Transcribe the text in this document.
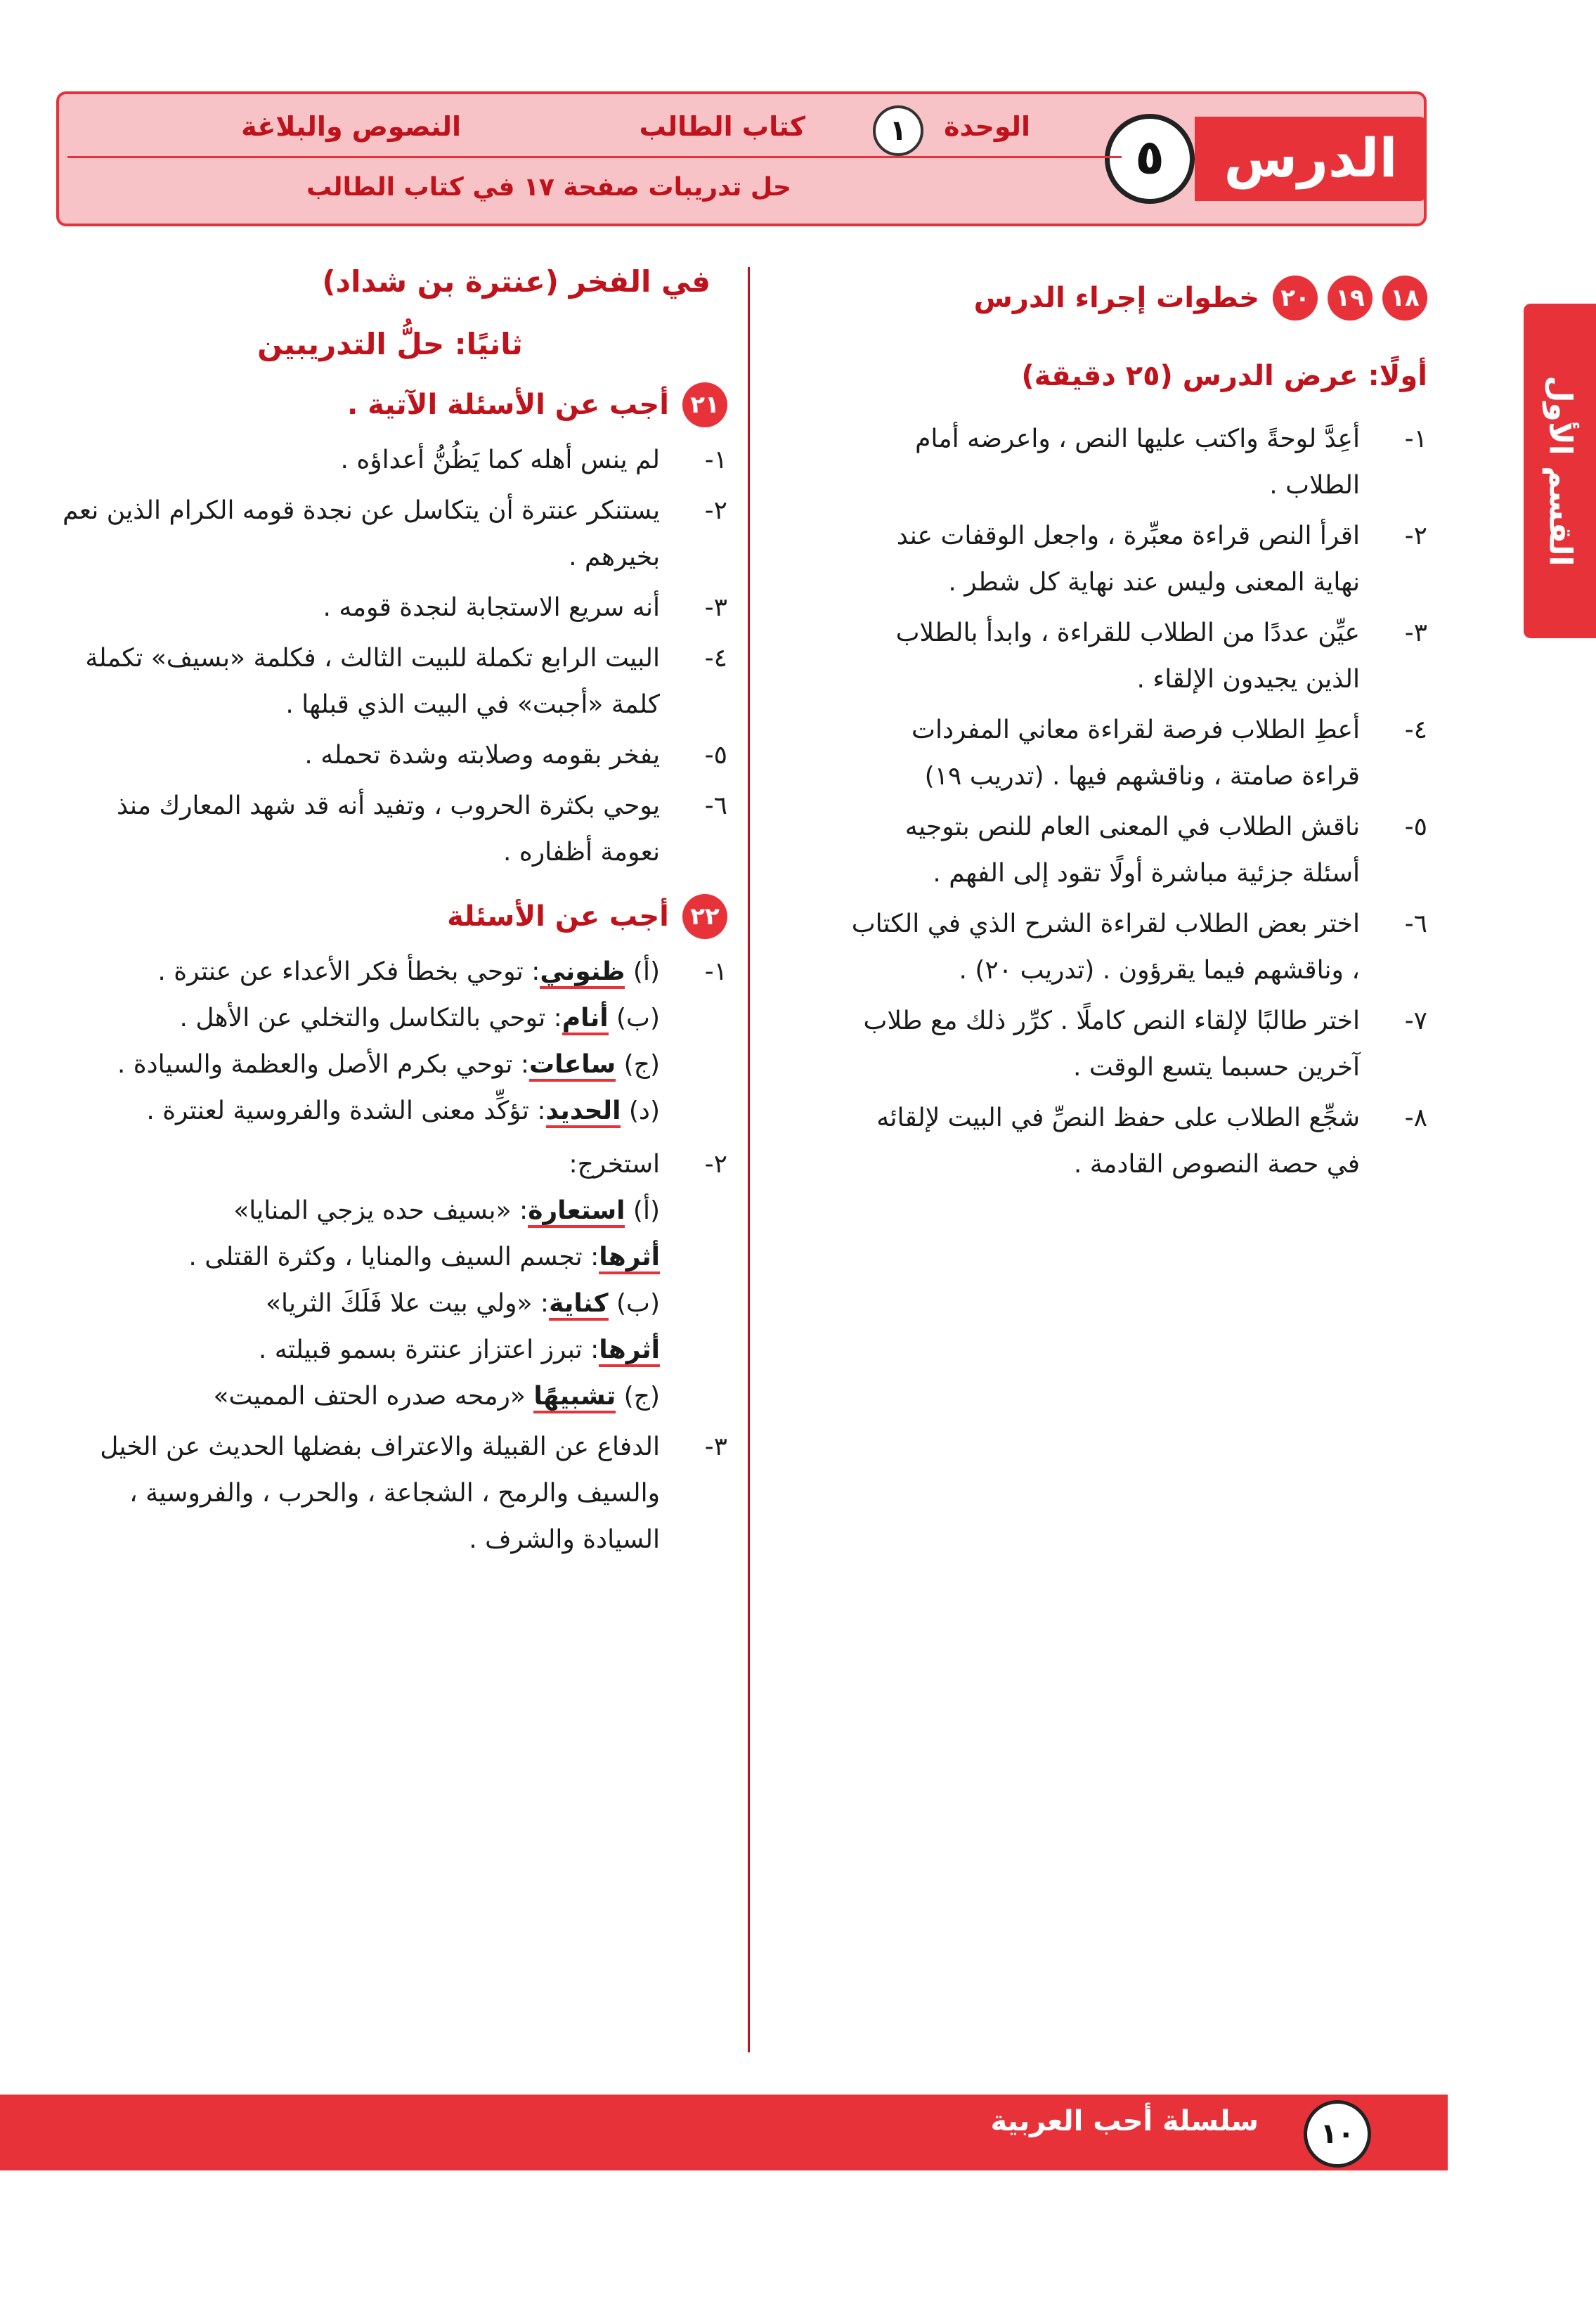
الدرس
٥
الوحدة
١
كتاب الطالب
النصوص والبلاغة
حل تدريبات صفحة ١٧ في كتاب الطالب
القسم الأول
١٨١٩٢٠ خطوات إجراء الدرس
أولًا: عرض الدرس (٢٥ دقيقة)
١-
أعِدَّ لوحةً واكتب عليها النص ، واعرضه أمام الطلاب .
٢-
اقرأ النص قراءة معبِّرة ، واجعل الوقفات عند نهاية المعنى وليس عند نهاية كل شطر .
٣-
عيِّن عددًا من الطلاب للقراءة ، وابدأ بالطلاب الذين يجيدون الإلقاء .
٤-
أعطِ الطلاب فرصة لقراءة معاني المفردات قراءة صامتة ، وناقشهم فيها . (تدريب ١٩)
٥-
ناقش الطلاب في المعنى العام للنص بتوجيه أسئلة جزئية مباشرة أولًا تقود إلى الفهم .
٦-
اختر بعض الطلاب لقراءة الشرح الذي في الكتاب ، وناقشهم فيما يقرؤون . (تدريب ٢٠) .
٧-
اختر طالبًا لإلقاء النص كاملًا . كرِّر ذلك مع طلاب آخرين حسبما يتسع الوقت .
٨-
شجِّع الطلاب على حفظ النصِّ في البيت لإلقائه في حصة النصوص القادمة .
في الفخر (عنترة بن شداد)
ثانيًا: حلُّ التدريبين
٢١ أجب عن الأسئلة الآتية .
١-
لم ينس أهله كما يَظُنُّ أعداؤه .
٢-
يستنكر عنترة أن يتكاسل عن نجدة قومه الكرام الذين نعم بخيرهم .
٣-
أنه سريع الاستجابة لنجدة قومه .
٤-
البيت الرابع تكملة للبيت الثالث ، فكلمة «بسيف» تكملة كلمة «أجبت» في البيت الذي قبلها .
٥-
يفخر بقومه وصلابته وشدة تحمله .
٦-
يوحي بكثرة الحروب ، وتفيد أنه قد شهد المعارك منذ نعومة أظفاره .
٢٢ أجب عن الأسئلة
١-
(أ) ظنوني: توحي بخطأ فكر الأعداء عن عنترة .
(ب) أنام: توحي بالتكاسل والتخلي عن الأهل .
(ج) ساعات: توحي بكرم الأصل والعظمة والسيادة .
(د) الحديد: تؤكِّد معنى الشدة والفروسية لعنترة .
٢-
استخرج:
(أ) استعارة: «بسيف حده يزجي المنايا»
أثرها: تجسم السيف والمنايا ، وكثرة القتلى .
(ب) كناية: «ولي بيت علا فَلَكَ الثريا»
أثرها: تبرز اعتزاز عنترة بسمو قبيلته .
(ج) تشبيهًا «رمحه صدره الحتف المميت»
٣-
الدفاع عن القبيلة والاعتراف بفضلها الحديث عن الخيل والسيف والرمح ، الشجاعة ، والحرب ، والفروسية ، السيادة والشرف .
سلسلة أحب العربية	١٠
